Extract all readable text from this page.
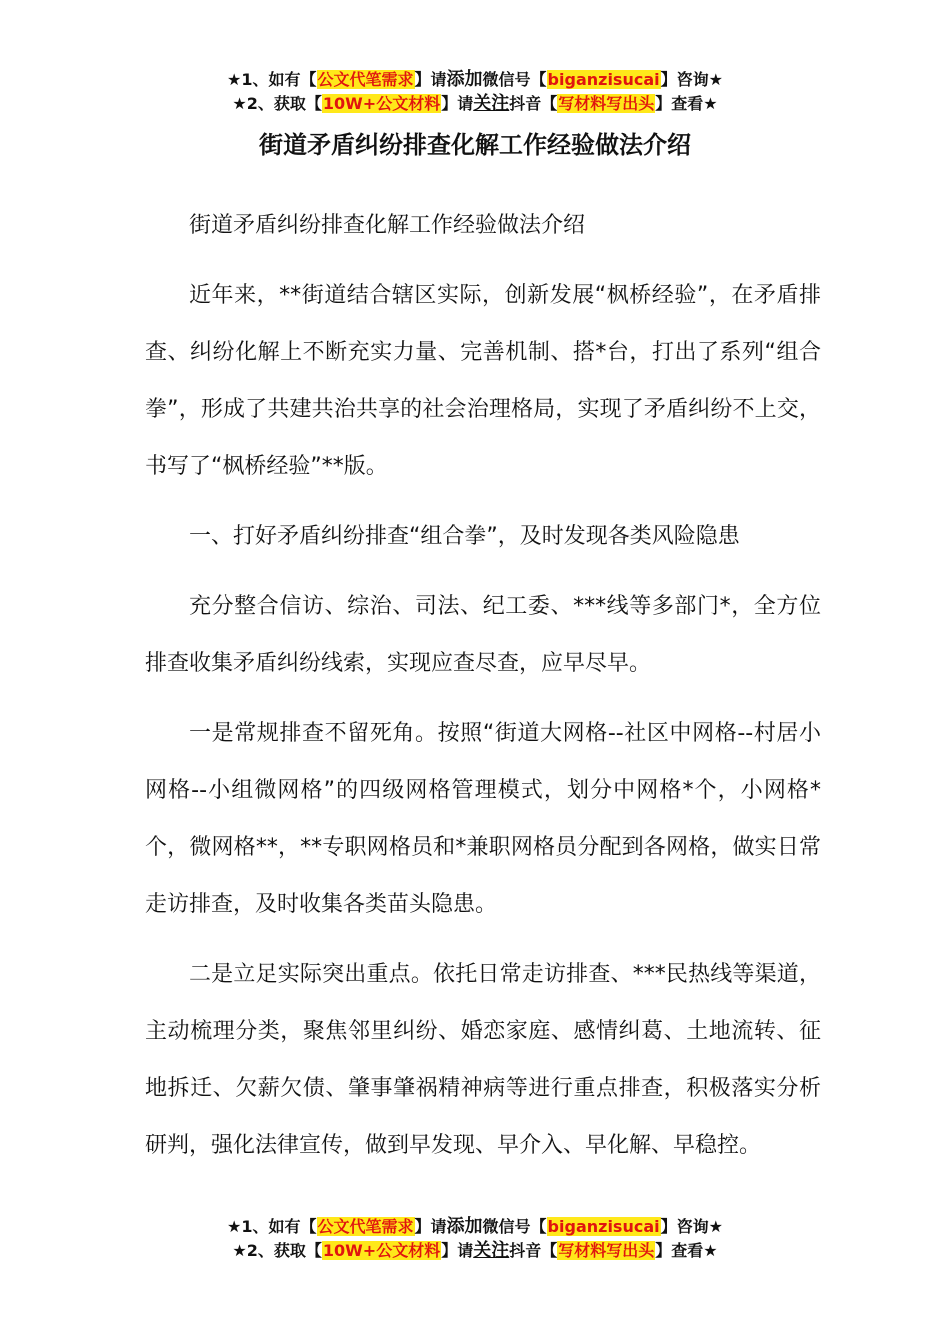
★1、如有【公文代笔需求】请添加微信号【biganzisucai】咨询★
★2、获取【10W+公文材料】请关注抖音【写材料写出头】查看★
街道矛盾纠纷排查化解工作经验做法介绍

街道矛盾纠纷排查化解工作经验做法介绍

近年来，**街道结合辖区实际，创新发展“枫桥经验”，在矛盾排查、纠纷化解上不断充实力量、完善机制、搭*台，打出了系列“组合拳”，形成了共建共治共享的社会治理格局，实现了矛盾纠纷不上交，书写了“枫桥经验”**版。

一、打好矛盾纠纷排查“组合拳”，及时发现各类风险隐患

充分整合信访、综治、司法、纪工委、***线等多部门*，全方位排查收集矛盾纠纷线索，实现应查尽查，应早尽早。

一是常规排查不留死角。按照“街道大网格--社区中网格--村居小网格--小组微网格”的四级网格管理模式，划分中网格*个，小网格*个，微网格**，**专职网格员和*兼职网格员分配到各网格，做实日常走访排查，及时收集各类苗头隐患。

二是立足实际突出重点。依托日常走访排查、***民热线等渠道，主动梳理分类，聚焦邻里纠纷、婚恋家庭、感情纠葛、土地流转、征地拆迁、欠薪欠债、肇事肇祸精神病等进行重点排查，积极落实分析研判，强化法律宣传，做到早发现、早介入、早化解、早稳控。

★1、如有【公文代笔需求】请添加微信号【biganzisucai】咨询★
★2、获取【10W+公文材料】请关注抖音【写材料写出头】查看★
